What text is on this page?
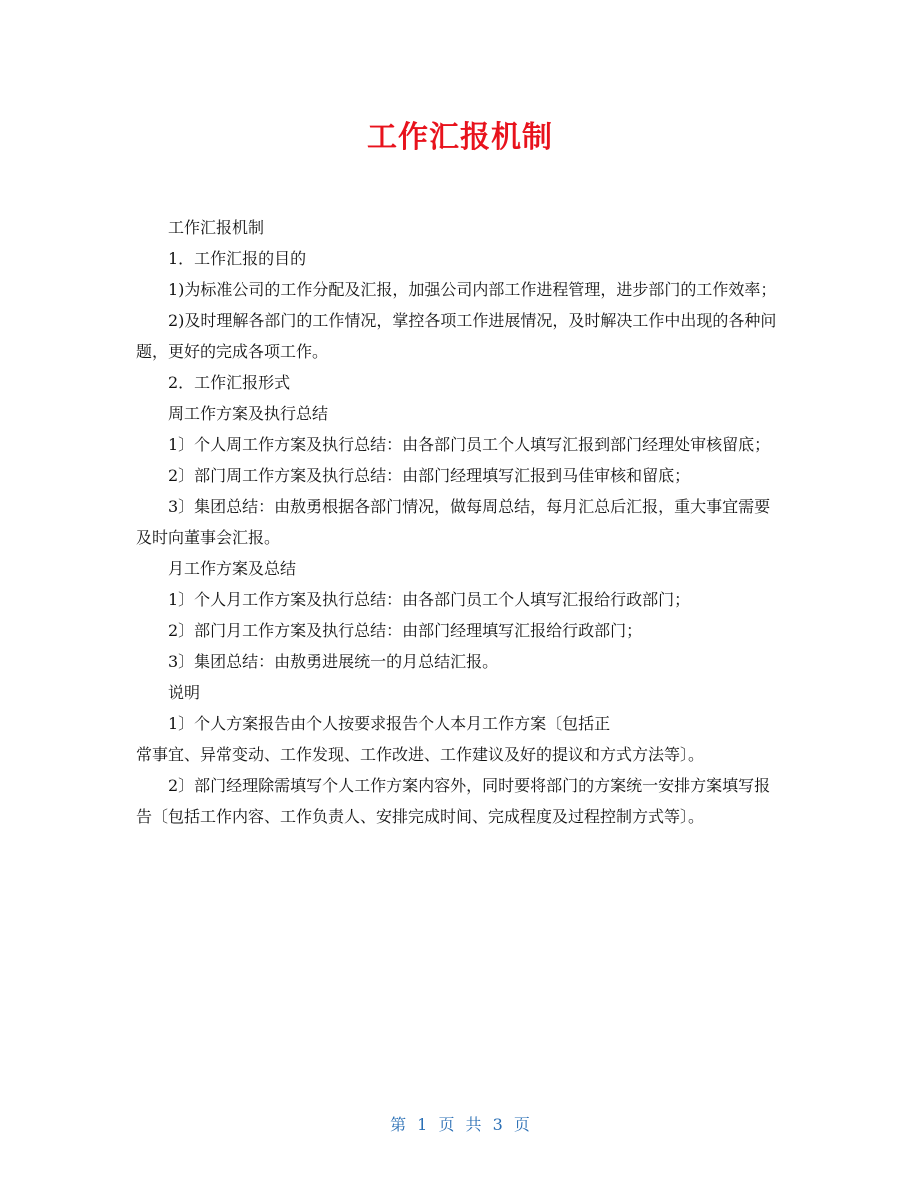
工作汇报机制

工作汇报机制

1．工作汇报的目的

1)为标准公司的工作分配及汇报，加强公司内部工作进程管理，进步部门的工作效率；

2)及时理解各部门的工作情况，掌控各项工作进展情况，及时解决工作中出现的各种问题，更好的完成各项工作。

2．工作汇报形式

周工作方案及执行总结

1〕个人周工作方案及执行总结：由各部门员工个人填写汇报到部门经理处审核留底；

2〕部门周工作方案及执行总结：由部门经理填写汇报到马佳审核和留底；

3〕集团总结：由敖勇根据各部门情况，做每周总结，每月汇总后汇报，重大事宜需要及时向董事会汇报。

月工作方案及总结

1〕个人月工作方案及执行总结：由各部门员工个人填写汇报给行政部门；

2〕部门月工作方案及执行总结：由部门经理填写汇报给行政部门；

3〕集团总结：由敖勇进展统一的月总结汇报。

说明

1〕个人方案报告由个人按要求报告个人本月工作方案〔包括正

常事宜、异常变动、工作发现、工作改进、工作建议及好的提议和方式方法等〕。

2〕部门经理除需填写个人工作方案内容外，同时要将部门的方案统一安排方案填写报告〔包括工作内容、工作负责人、安排完成时间、完成程度及过程控制方式等〕。

第 1 页 共 3 页
